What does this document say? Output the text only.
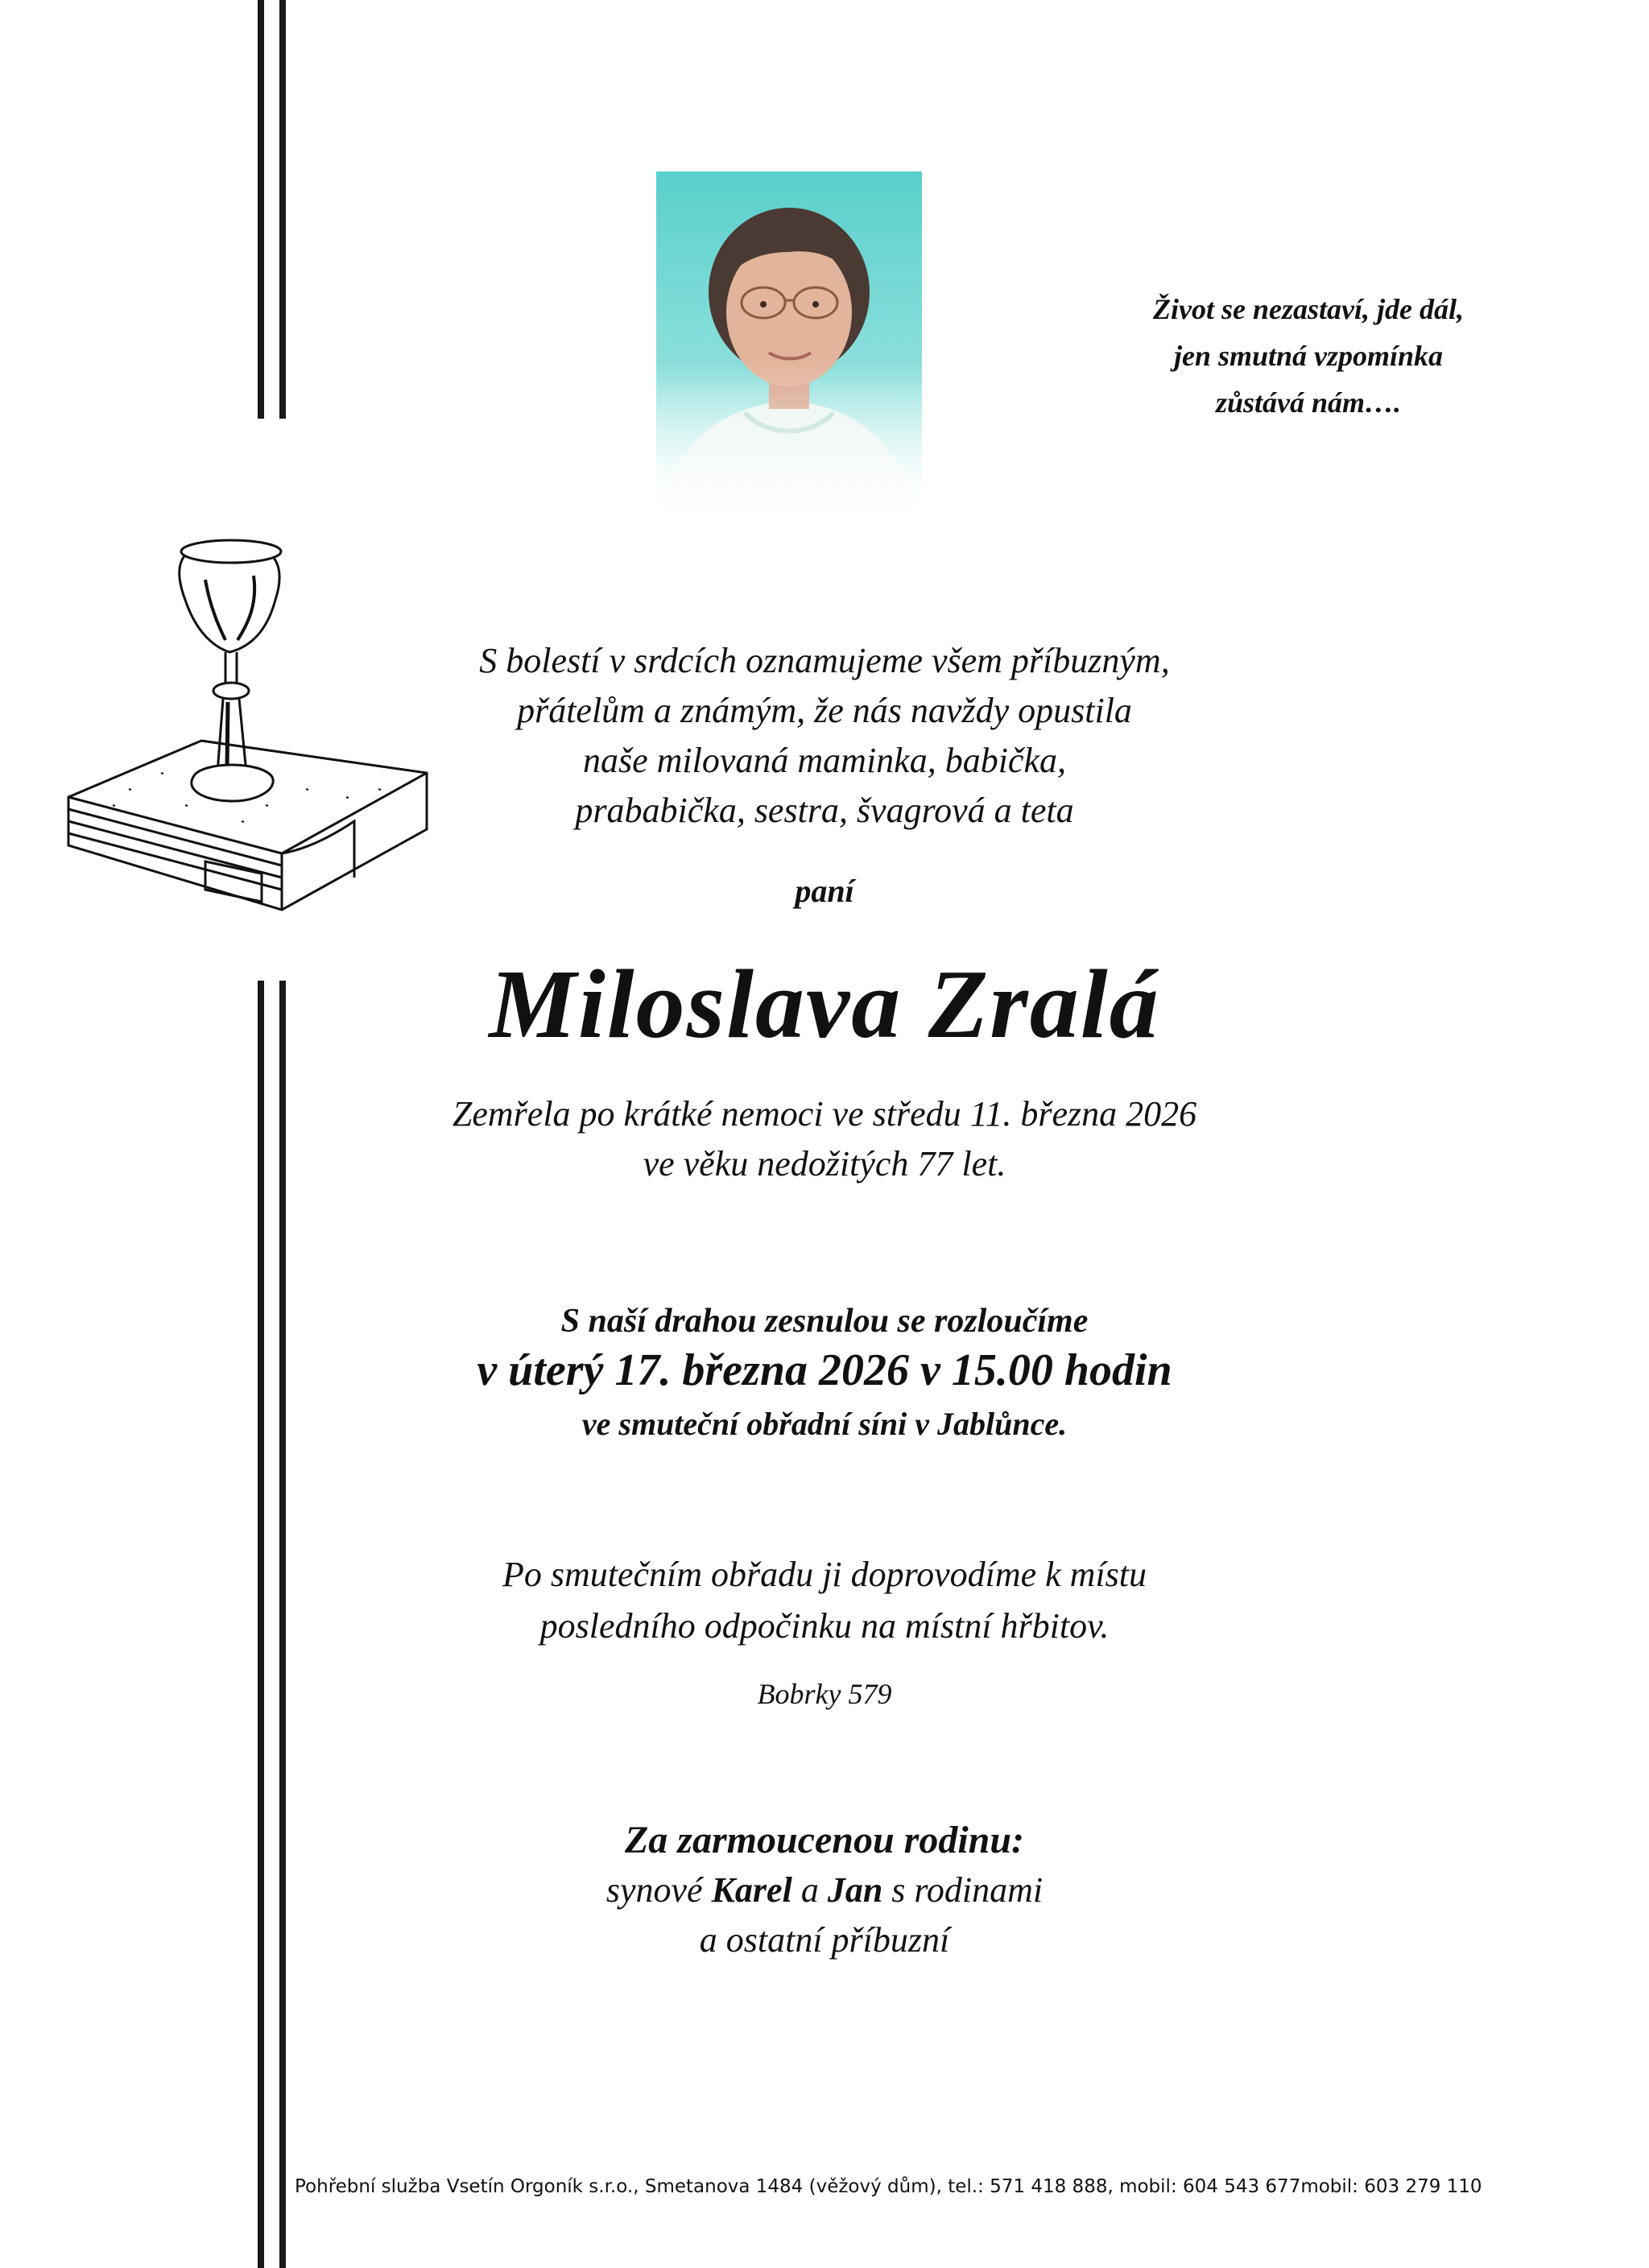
Život se nezastaví, jde dál,
jen smutná vzpomínka
zůstává nám….
S bolestí v srdcích oznamujeme všem příbuzným,
přátelům a známým, že nás navždy opustila
naše milovaná maminka, babička,
prababička, sestra, švagrová a teta
paní
Miloslava Zralá
Zemřela po krátké nemoci ve středu 11. března 2026
ve věku nedožitých 77 let.
S naší drahou zesnulou se rozloučíme
v úterý 17. března 2026 v 15.00 hodin
ve smuteční obřadní síni v Jablůnce.
Po smutečním obřadu ji doprovodíme k místu
posledního odpočinku na místní hřbitov.
Bobrky 579
Za zarmoucenou rodinu:
synové Karel a Jan s rodinami
a ostatní příbuzní
Pohřební služba Vsetín Orgoník s.r.o., Smetanova 1484 (věžový dům), tel.: 571 418 888, mobil: 604 543 677mobil: 603 279 110
